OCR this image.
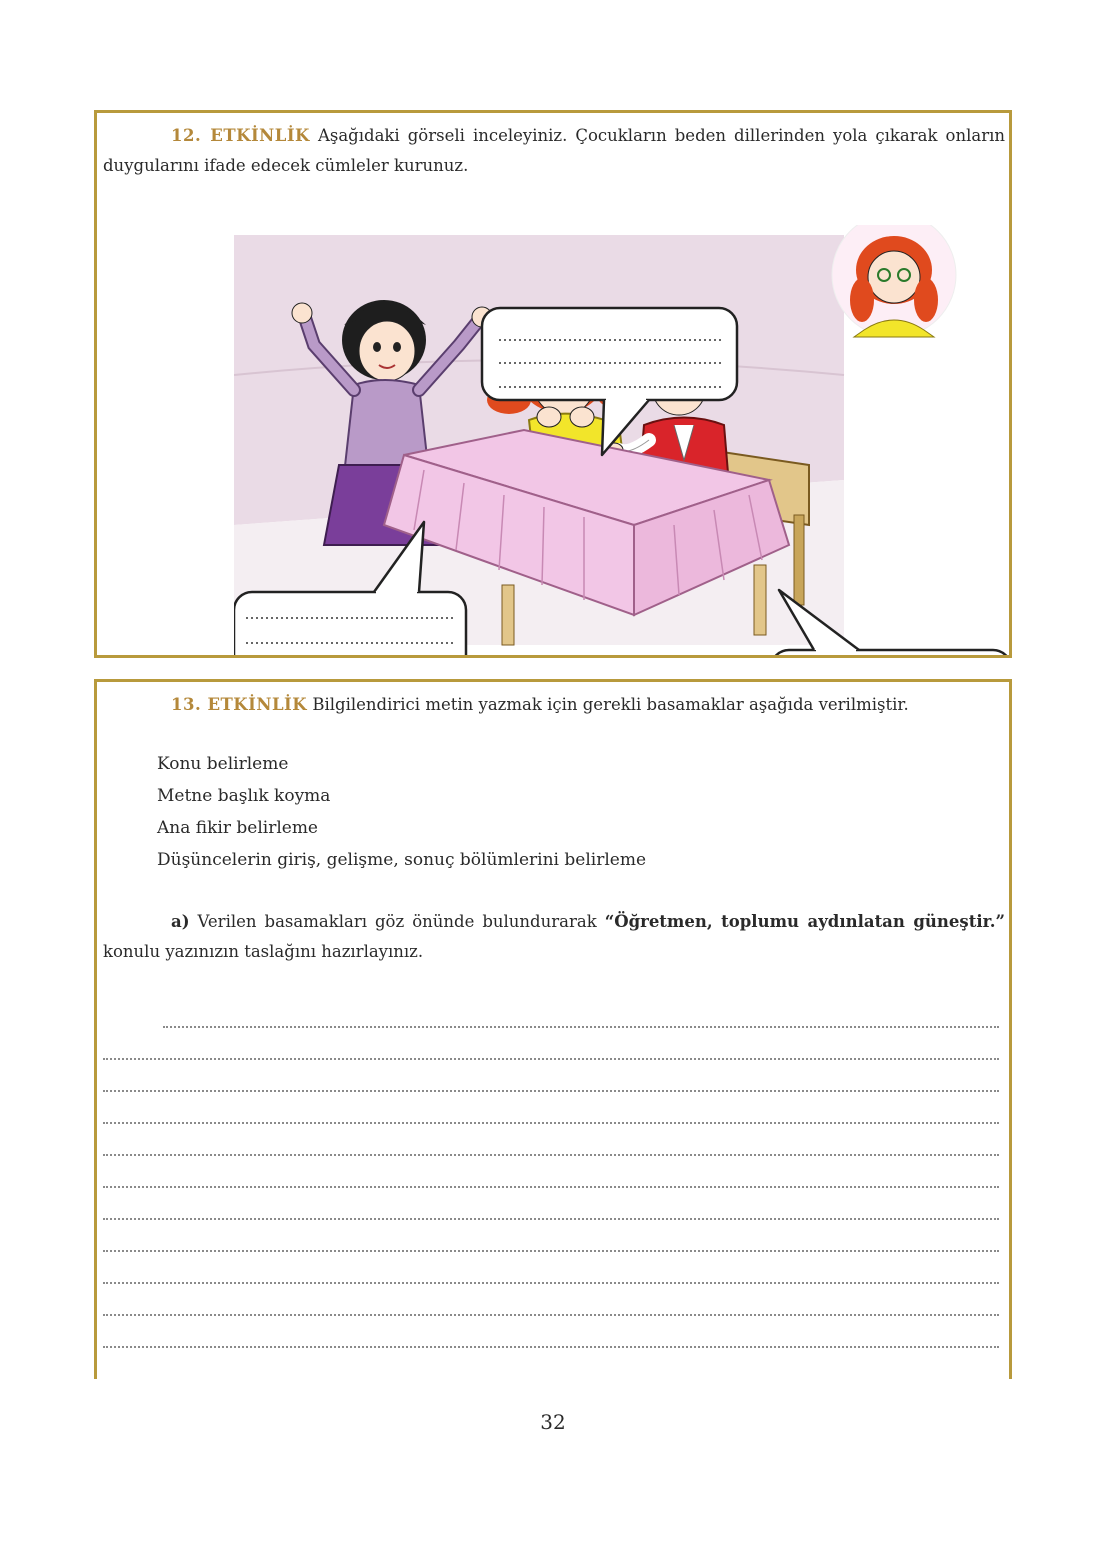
12. ETKİNLİK Aşağıdaki görseli inceleyiniz. Çocukların beden dillerinden yola çıkarak onların duygularını ifade edecek cümleler kurunuz.

13. ETKİNLİK Bilgilendirici metin yazmak için gerekli basamaklar aşağıda verilmiştir.

Konu belirleme
Metne başlık koyma
Ana fikir belirleme
Düşüncelerin giriş, gelişme, sonuç bölümlerini belirleme

a) Verilen basamakları göz önünde bulundurarak “Öğretmen, toplumu aydınlatan güneştir.” konulu yazınızın taslağını hazırlayınız.

32
